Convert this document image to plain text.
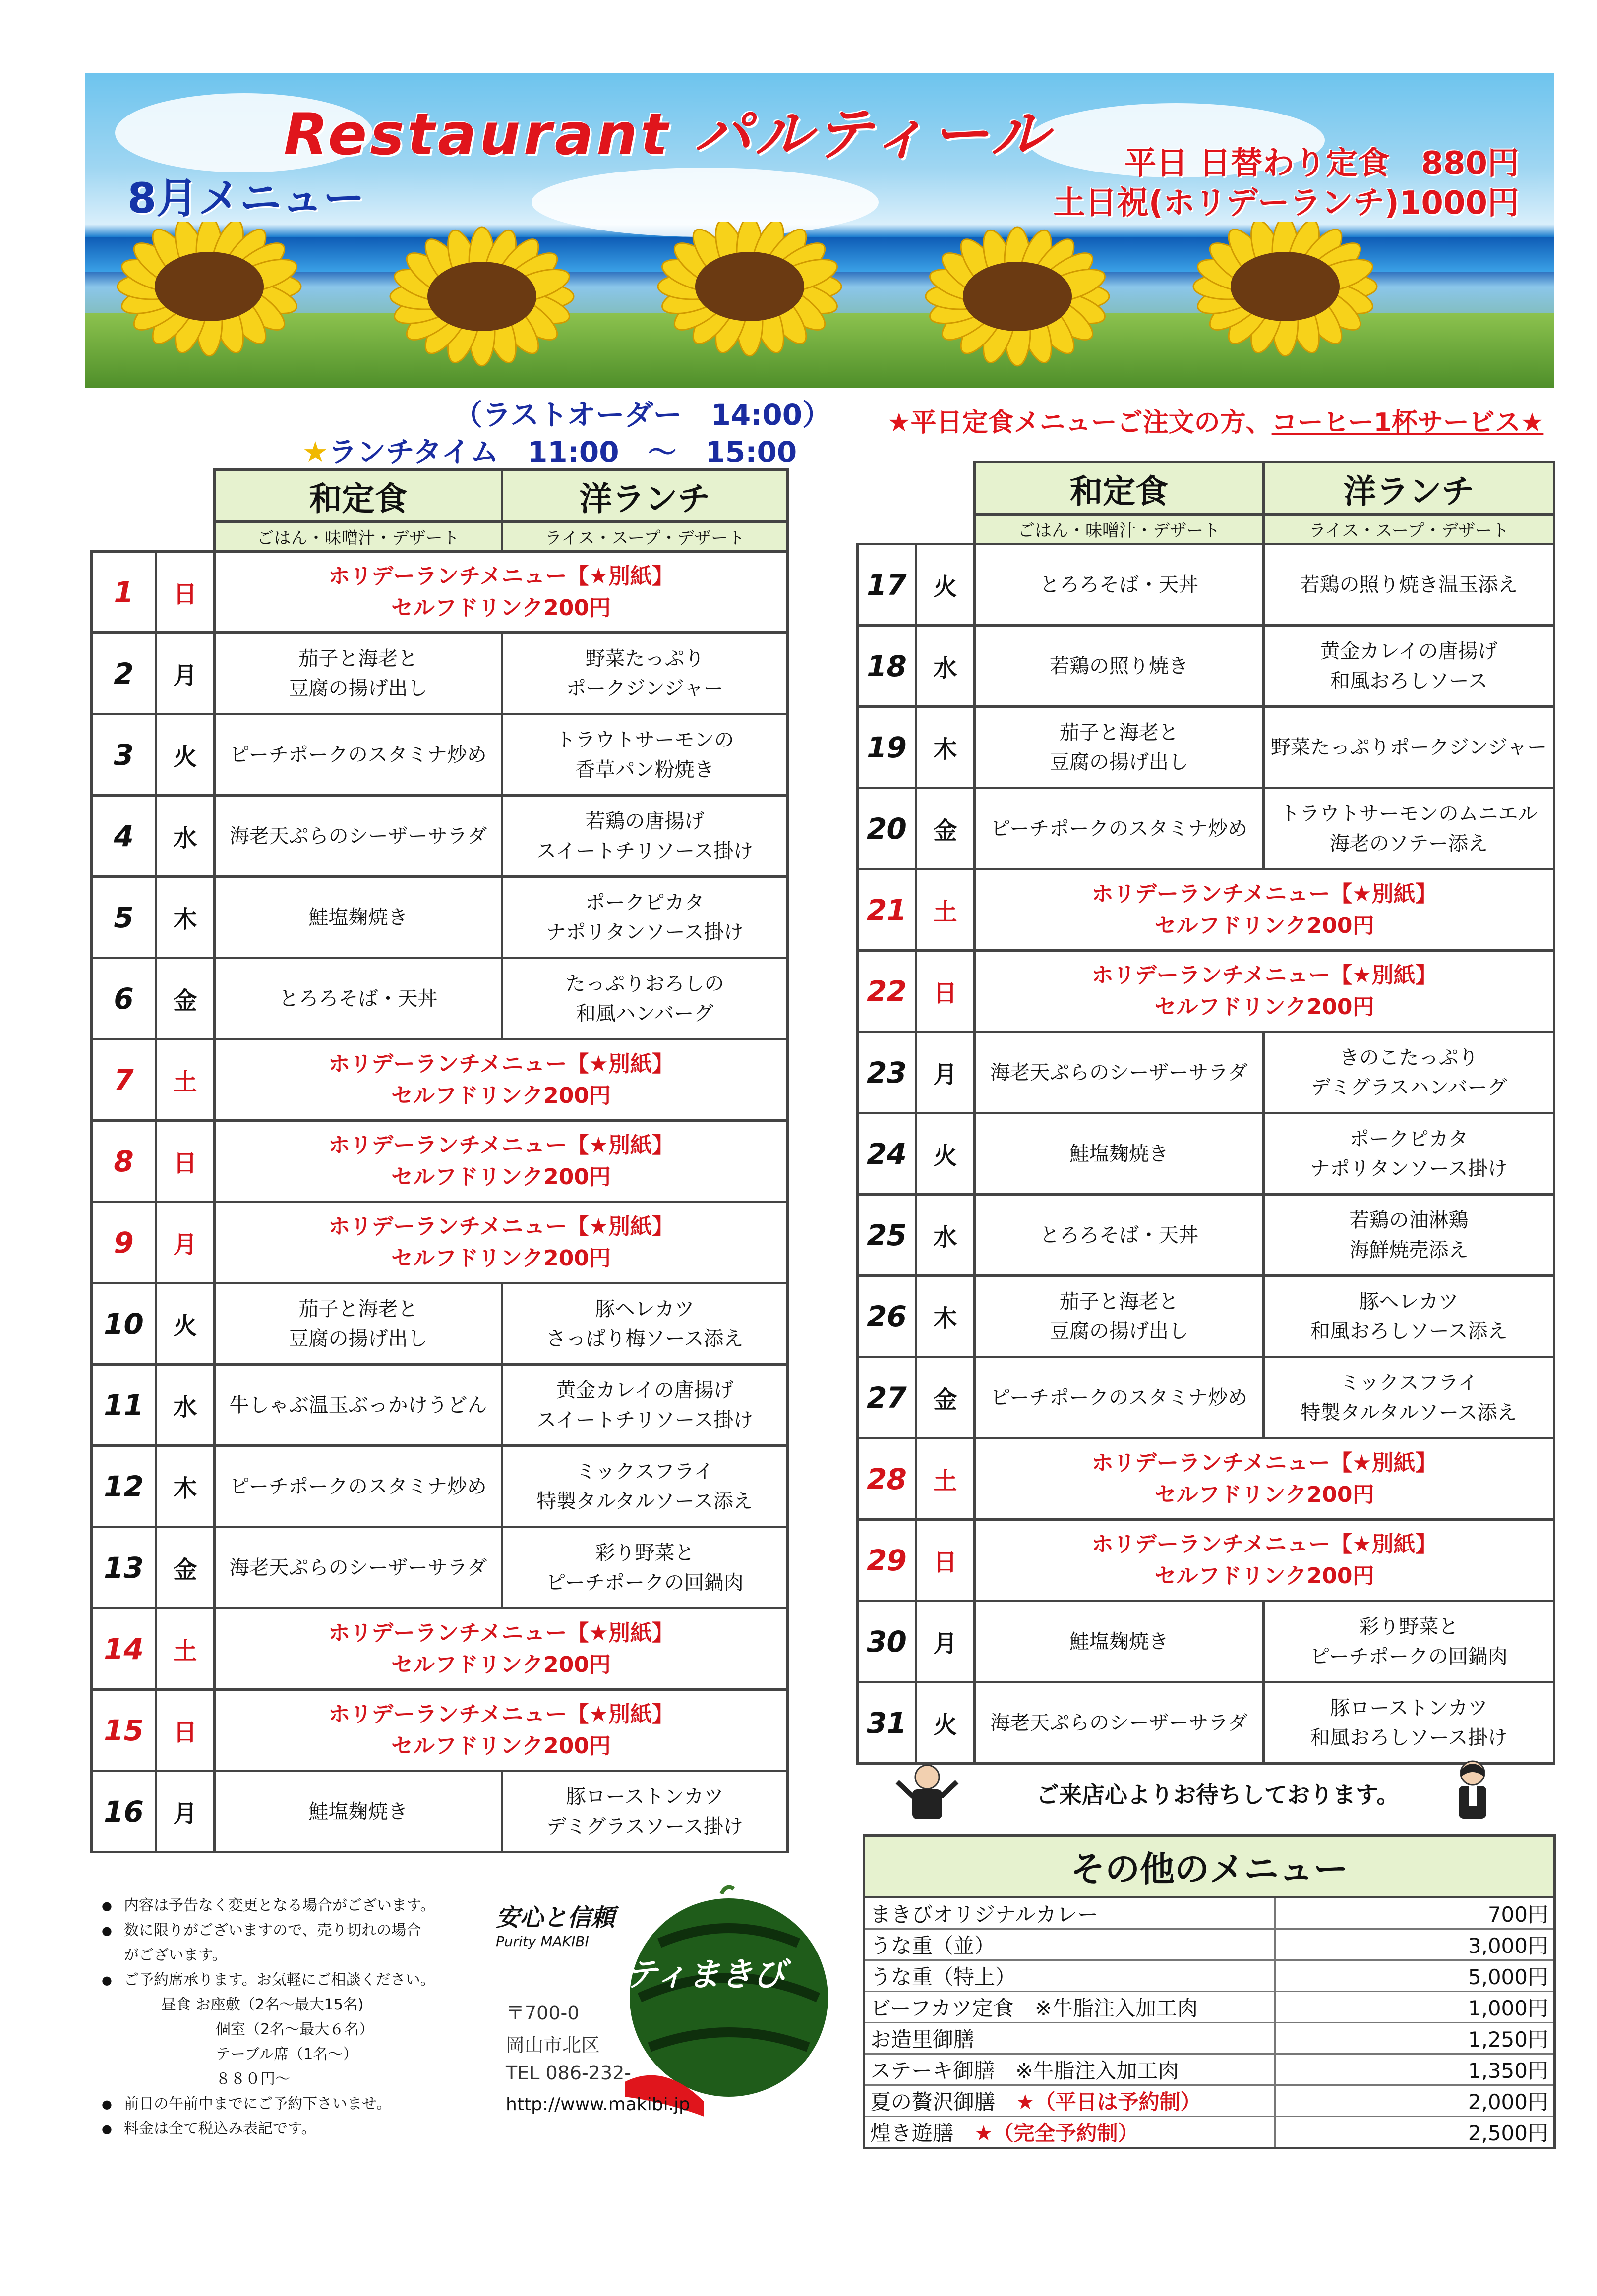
Restaurant パルティール
8月メニュー
平日 日替わり定食　880円
土日祝(ホリデーランチ)1000円
（ラストオーダー　14:00）
★ランチタイム　11:00　～　15:00
★平日定食メニューご注文の方、コーヒー1杯サービス★
		和定食	洋ランチ
		ごはん・味噌汁・デザート	ライス・スープ・デザート
1	日	ホリデーランチメニュー【★別紙】
セルフドリンク200円	

2	月	茄子と海老と
豆腐の揚げ出し	野菜たっぷり
ポークジンジャー
3	火	ピーチポークのスタミナ炒め	トラウトサーモンの
香草パン粉焼き
4	水	海老天ぷらのシーザーサラダ	若鶏の唐揚げ
スイートチリソース掛け
5	木	鮭塩麹焼き	ポークピカタ
ナポリタンソース掛け
6	金	とろろそば・天丼	たっぷりおろしの
和風ハンバーグ
7	土	ホリデーランチメニュー【★別紙】
セルフドリンク200円	

8	日	ホリデーランチメニュー【★別紙】
セルフドリンク200円	

9	月	ホリデーランチメニュー【★別紙】
セルフドリンク200円	

10	火	茄子と海老と
豆腐の揚げ出し	豚ヘレカツ
さっぱり梅ソース添え
11	水	牛しゃぶ温玉ぶっかけうどん	黄金カレイの唐揚げ
スイートチリソース掛け
12	木	ピーチポークのスタミナ炒め	ミックスフライ
特製タルタルソース添え
13	金	海老天ぷらのシーザーサラダ	彩り野菜と
ピーチポークの回鍋肉
14	土	ホリデーランチメニュー【★別紙】
セルフドリンク200円	

15	日	ホリデーランチメニュー【★別紙】
セルフドリンク200円	

16	月	鮭塩麹焼き	豚ローストンカツ
デミグラスソース掛け
		和定食	洋ランチ
		ごはん・味噌汁・デザート	ライス・スープ・デザート
17	火	とろろそば・天丼	若鶏の照り焼き温玉添え
18	水	若鶏の照り焼き	黄金カレイの唐揚げ
和風おろしソース
19	木	茄子と海老と
豆腐の揚げ出し	野菜たっぷりポークジンジャー
20	金	ピーチポークのスタミナ炒め	トラウトサーモンのムニエル
海老のソテー添え
21	土	ホリデーランチメニュー【★別紙】
セルフドリンク200円	

22	日	ホリデーランチメニュー【★別紙】
セルフドリンク200円	

23	月	海老天ぷらのシーザーサラダ	きのこたっぷり
デミグラスハンバーグ
24	火	鮭塩麹焼き	ポークピカタ
ナポリタンソース掛け
25	水	とろろそば・天丼	若鶏の油淋鶏
海鮮焼売添え
26	木	茄子と海老と
豆腐の揚げ出し	豚ヘレカツ
和風おろしソース添え
27	金	ピーチポークのスタミナ炒め	ミックスフライ
特製タルタルソース添え
28	土	ホリデーランチメニュー【★別紙】
セルフドリンク200円	

29	日	ホリデーランチメニュー【★別紙】
セルフドリンク200円	

30	月	鮭塩麹焼き	彩り野菜と
ピーチポークの回鍋肉
31	火	海老天ぷらのシーザーサラダ	豚ローストンカツ
和風おろしソース掛け
ご来店心よりお待ちしております。
その他のメニュー	
まきびオリジナルカレー　	700円
うな重（並）　	3,000円
うな重（特上）　	5,000円
ビーフカツ定食　 ※牛脂注入加工肉	1,000円
お造里御膳　	1,250円
ステーキ御膳　 ※牛脂注入加工肉	1,350円
夏の贅沢御膳　 ★（平日は予約制）	2,000円
煌き遊膳　 ★（完全予約制）	2,500円
● 内容は予告なく変更となる場合がございます。
● 数に限りがございますので、売り切れの場合
がございます。
● ご予約席承ります。お気軽にご相談ください。
昼食 お座敷（2名～最大15名)
個室（2名～最大６名）
テーブル席（1名～）
８８０円～
● 前日の午前中までにご予約下さいませ。
● 料金は全て税込み表記です。
安心と信頼
Purity MAKIBI
ピュアリティまきび
〒700-0
岡山市北区
TEL 086-232-
http://www.makibi.jp
